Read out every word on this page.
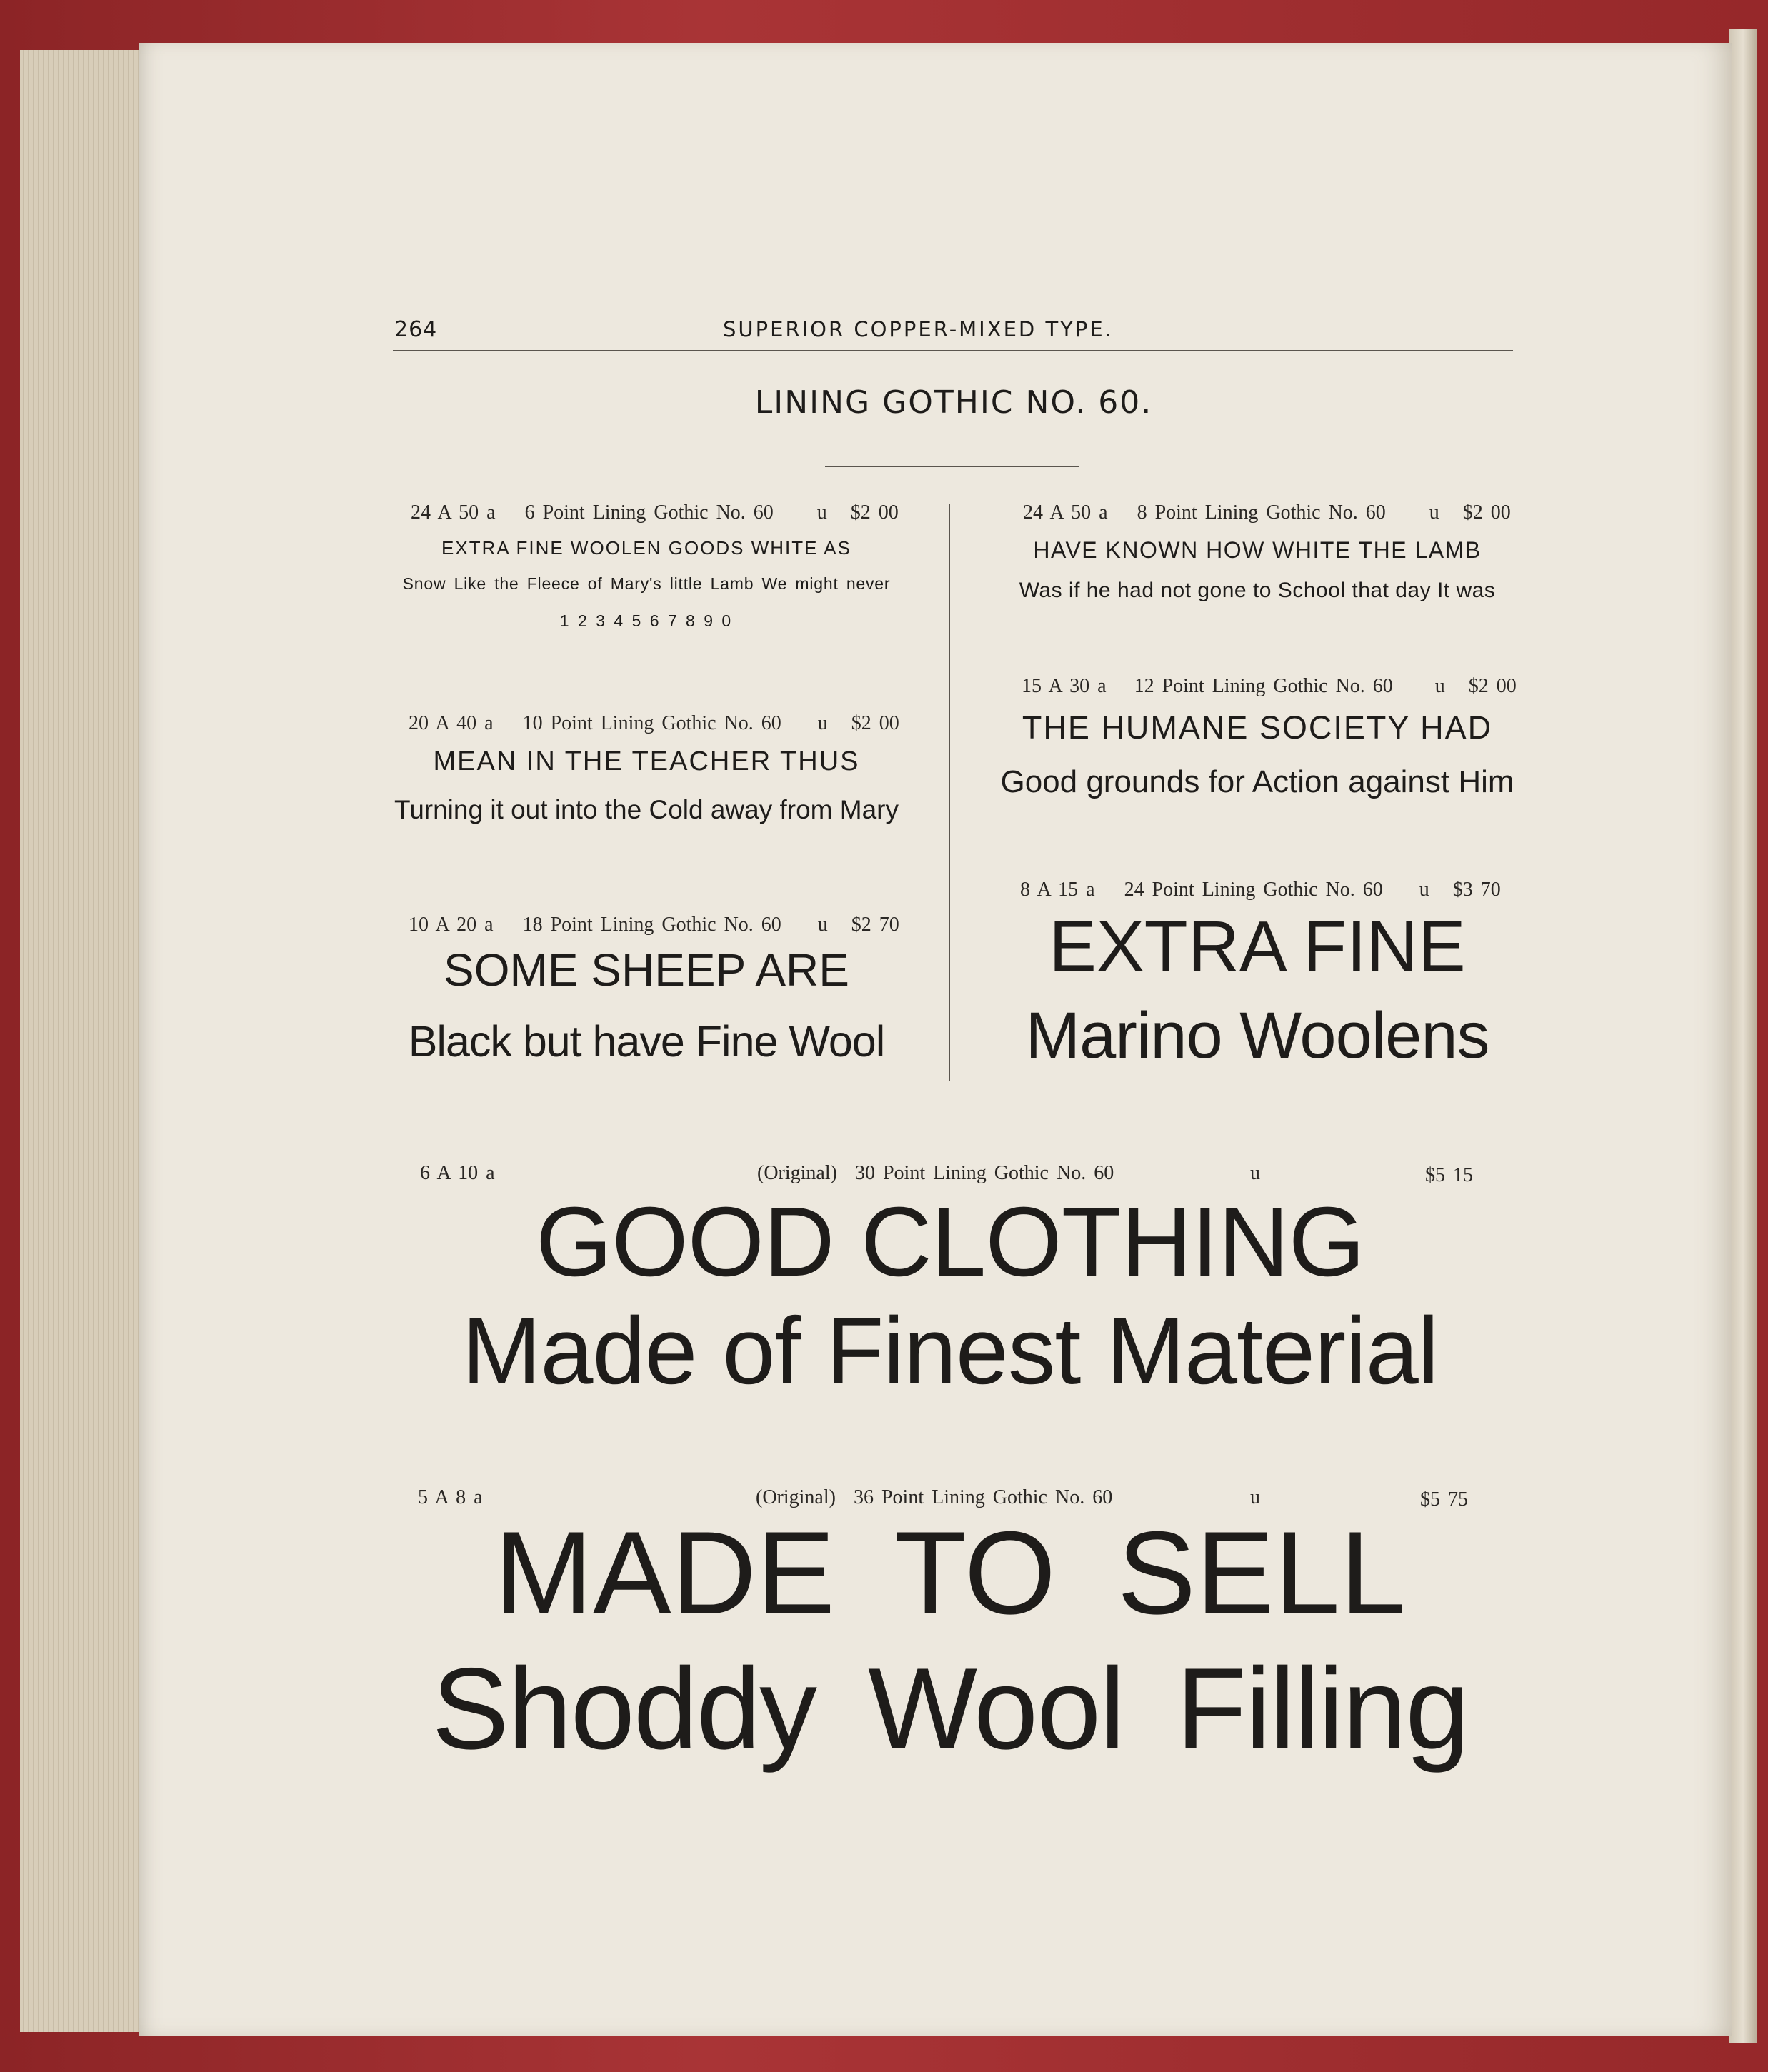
264	SUPERIOR COPPER-MIXED TYPE.
LINING GOTHIC NO. 60.
24 A 50 a 6 Point Lining Gothic No. 60 u $2 00
EXTRA FINE WOOLEN GOODS WHITE AS
Snow Like the Fleece of Mary's little Lamb We might never
1 2 3 4 5 6 7 8 9 0
24 A 50 a 8 Point Lining Gothic No. 60 u $2 00
HAVE KNOWN HOW WHITE THE LAMB
Was if he had not gone to School that day It was
20 A 40 a 10 Point Lining Gothic No. 60 u $2 00
MEAN IN THE TEACHER THUS
Turning it out into the Cold away from Mary
15 A 30 a 12 Point Lining Gothic No. 60 u $2 00
THE HUMANE SOCIETY HAD
Good grounds for Action against Him
10 A 20 a 18 Point Lining Gothic No. 60 u $2 70
SOME SHEEP ARE
Black but have Fine Wool
8 A 15 a 24 Point Lining Gothic No. 60 u $3 70
EXTRA FINE
Marino Woolens
6 A 10 a	(Original) 30 Point Lining Gothic No. 60	u	$5 15
GOOD CLOTHING
Made of Finest Material
5 A 8 a	(Original) 36 Point Lining Gothic No. 60	u	$5 75
MADE TO SELL
Shoddy Wool Filling
